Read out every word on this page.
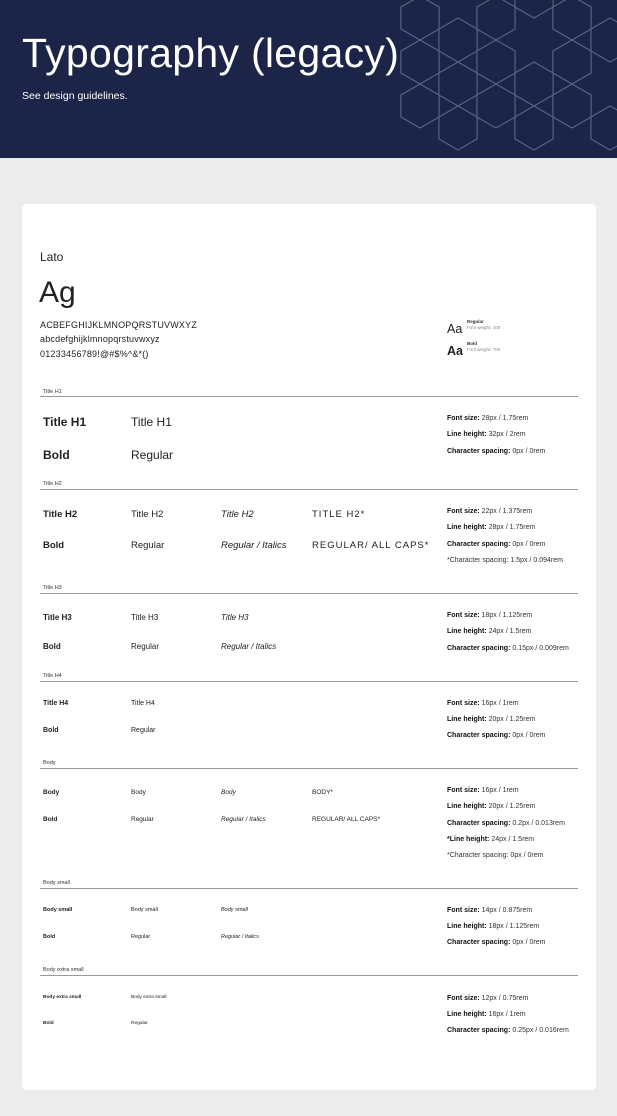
Typography (legacy)
See design guidelines.
Lato
Ag
ACBEFGHIJKLMNOPQRSTUVWXYZ
abcdefghijklmnopqrstuvwxyz
01233456789!@#$%^&*()
Aa
Regular
Font weight: 400
Aa
Bold
Font weight: 700
Title H1
Title H1	Title H1
Bold	Regular
Font size: 28px / 1.75rem
Line height: 32px / 2rem
Character spacing: 0px / 0rem
Title H2
Title H2	Title H2	Title H2	TITLE H2*
Bold	Regular	Regular / Italics	REGULAR/ ALL CAPS*
Font size: 22px / 1.375rem
Line height: 28px / 1.75rem
Character spacing: 0px / 0rem
*Character spacing: 1.5px / 0.094rem
Title H3
Title H3	Title H3	Title H3
Bold	Regular	Regular / Italics
Font size: 18px / 1.125rem
Line height: 24px / 1.5rem
Character spacing: 0.15px / 0.009rem
Title H4
Title H4	Title H4
Bold	Regular
Font size: 16px / 1rem
Line height: 20px / 1.25rem
Character spacing: 0px / 0rem
Body
Body	Body	Body	BODY*
Bold	Regular	Regular / Italics	REGULAR/ ALL CAPS*
Font size: 16px / 1rem
Line height: 20px / 1.25rem
Character spacing: 0.2px / 0.013rem
*Line height: 24px / 1.5rem
*Character spacing: 0px / 0rem
Body small
Body small	Body small	Body small
Bold	Regular	Regular / Italics
Font size: 14px / 0.875rem
Line height: 18px / 1.125rem
Character spacing: 0px / 0rem
Body extra small
Body extra small	Body extra small
Bold	Regular
Font size: 12px / 0.75rem
Line height: 16px / 1rem
Character spacing: 0.25px / 0.016rem
